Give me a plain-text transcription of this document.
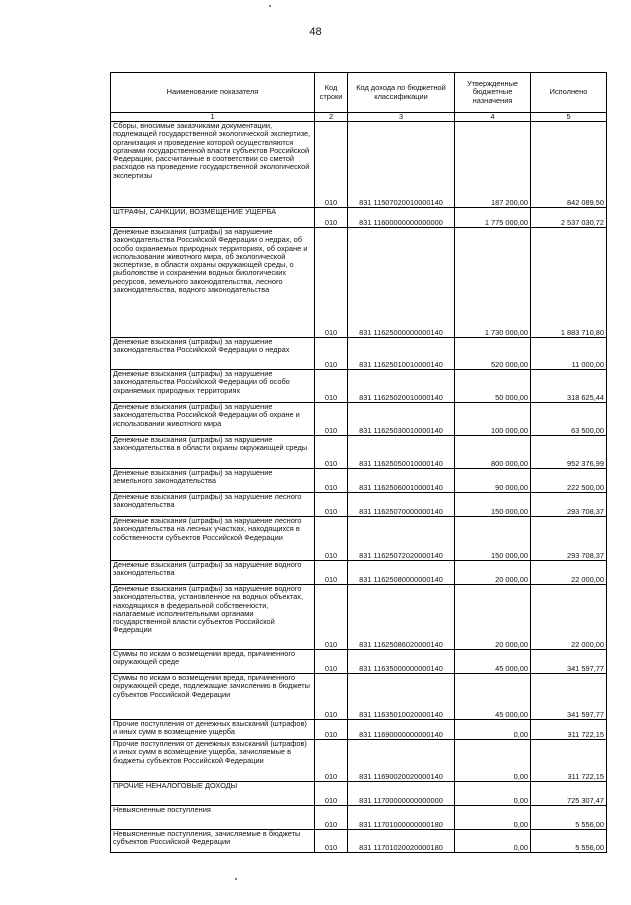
48
Наименование показателя	Код строки	Код дохода по бюджетной классификации	Утвержденные бюджетные назначения	Исполнено
1	2	3	4	5
Сборы, вносимые заказчиками документации, подлежащей государственной экологической экспертизе, организация и проведение которой осуществляются органами государственной власти субъектов Российской Федерации, рассчитанные в соответствии со сметой расходов на проведение государственной экологической экспертизы	010	831 11507020010000140	187 200,00	842 089,50
ШТРАФЫ, САНКЦИИ, ВОЗМЕЩЕНИЕ УЩЕРБА	010	831 11600000000000000	1 775 000,00	2 537 030,72
Денежные взыскания (штрафы) за нарушение законодательства Российской Федерации о недрах, об особо охраняемых природных территориях, об охране и использовании животного мира, об экологической экспертизе, в области охраны окружающей среды, о рыболовстве и сохранении водных биологических ресурсов, земельного законодательства, лесного законодательства, водного законодательства	010	831 11625000000000140	1 730 000,00	1 883 710,80
Денежные взыскания (штрафы) за нарушение законодательства Российской Федерации о недрах	010	831 11625010010000140	520 000,00	11 000,00
Денежные взыскания (штрафы) за нарушение законодательства Российской Федерации об особо охраняемых природных территориях	010	831 11625020010000140	50 000,00	318 625,44
Денежные взыскания (штрафы) за нарушение законодательства Российской Федерации об охране и использовании животного мира	010	831 11625030010000140	100 000,00	63 500,00
Денежные взыскания (штрафы) за нарушение законодательства в области охраны окружающей среды	010	831 11625050010000140	800 000,00	952 376,99
Денежные взыскания (штрафы) за нарушение земельного законодательства	010	831 11625060010000140	90 000,00	222 500,00
Денежные взыскания (штрафы) за нарушение лесного законодательства	010	831 11625070000000140	150 000,00	293 708,37
Денежные взыскания (штрафы) за нарушение лесного законодательства на лесных участках, находящихся в собственности субъектов Российской Федерации	010	831 11625072020000140	150 000,00	293 708,37
Денежные взыскания (штрафы) за нарушение водного законодательства	010	831 11625080000000140	20 000,00	22 000,00
Денежные взыскания (штрафы) за нарушение водного законодательства, установленное на водных объектах, находящихся в федеральной собственности, налагаемые исполнительными органами государственной власти субъектов Российской Федерации	010	831 11625086020000140	20 000,00	22 000,00
Суммы по искам о возмещении вреда, причиненного окружающей среде	010	831 11635000000000140	45 000,00	341 597,77
Суммы по искам о возмещении вреда, причиненного окружающей среде, подлежащие зачислению в бюджеты субъектов Российской Федерации	010	831 11635010020000140	45 000,00	341 597,77
Прочие поступления от денежных взысканий (штрафов) и иных сумм в возмещение ущерба	010	831 11690000000000140	0,00	311 722,15
Прочие поступления от денежных взысканий (штрафов) и иных сумм в возмещение ущерба, зачисляемые в бюджеты субъектов Российской Федерации	010	831 11690020020000140	0,00	311 722,15
ПРОЧИЕ НЕНАЛОГОВЫЕ ДОХОДЫ	010	831 11700000000000000	0,00	725 307,47
Невыясненные поступления	010	831 11701000000000180	0,00	5 556,00
Невыясненные поступления, зачисляемые в бюджеты субъектов Российской Федерации	010	831 11701020020000180	0,00	5 556,00
